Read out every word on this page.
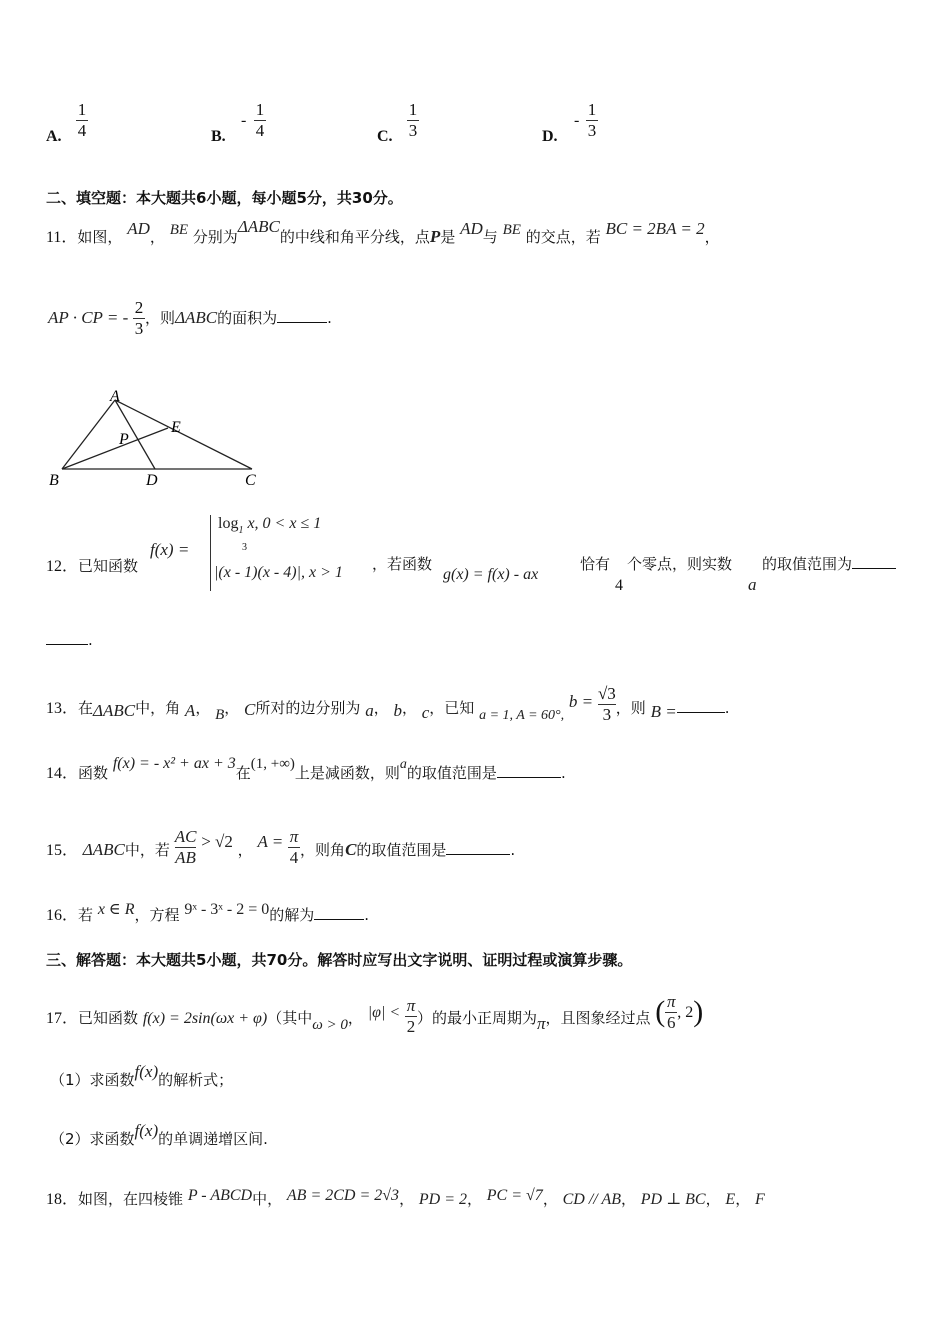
A.
1
4	B.
-
1
4	C.
1
3	D.
-
1
3
二、填空题：本大题共6小题，每小题5分，共30分。
11．如图， AD， BE 分别为ΔABC的中线和角平分线，点P是 AD与 BE 的交点，若 BC = 2BA = 2，
AP · CP = - $\frac{2}{3}$ ，则ΔABC的面积为	.
A
B	C
D
E
P
12．已知函数
f(x) =
$\log_1 x$, 0 < x ≤ 1
3
|(x - 1)(x - 4)|, x > 1 ，若函数
g(x) = f(x) - ax
恰有
4
个零点，则实数
a
的取值范围为
.
13．在ΔABC中，角 A， B， C所对的边分别为 a， b， c，已知 a = 1, A = 60°, $b = \frac{√3}{3}$ ，则 B =	.
14．函数 f(x) = - x² + ax + 3在(1, +∞)上是减函数，则a的取值范围是	.
15． ΔABC中，若 $\frac{AC}{AB} > √2$ ， $A = \frac{\pi}{4}$ ，则角C的取值范围是	.
16．若 x ∈ R，方程 9ˣ - 3ˣ - 2 = 0的解为	.
三、解答题：本大题共5小题，共70分。解答时应写出文字说明、证明过程或演算步骤。
17．已知函数 f(x) = 2sin(ωx + φ)（其中ω > 0， $|\varphi| < \frac{\pi}{2}$ ）的最小正周期为π，且图象经过点 ( $\frac{\pi}{6}$ , 2)
（1）求函数f(x)的解析式；
（2）求函数f(x)的单调递增区间.
18．如图，在四棱锥 P - ABCD中， AB = 2CD = 2√3， PD = 2， PC = √7， CD // AB， PD ⊥ BC， E， F
